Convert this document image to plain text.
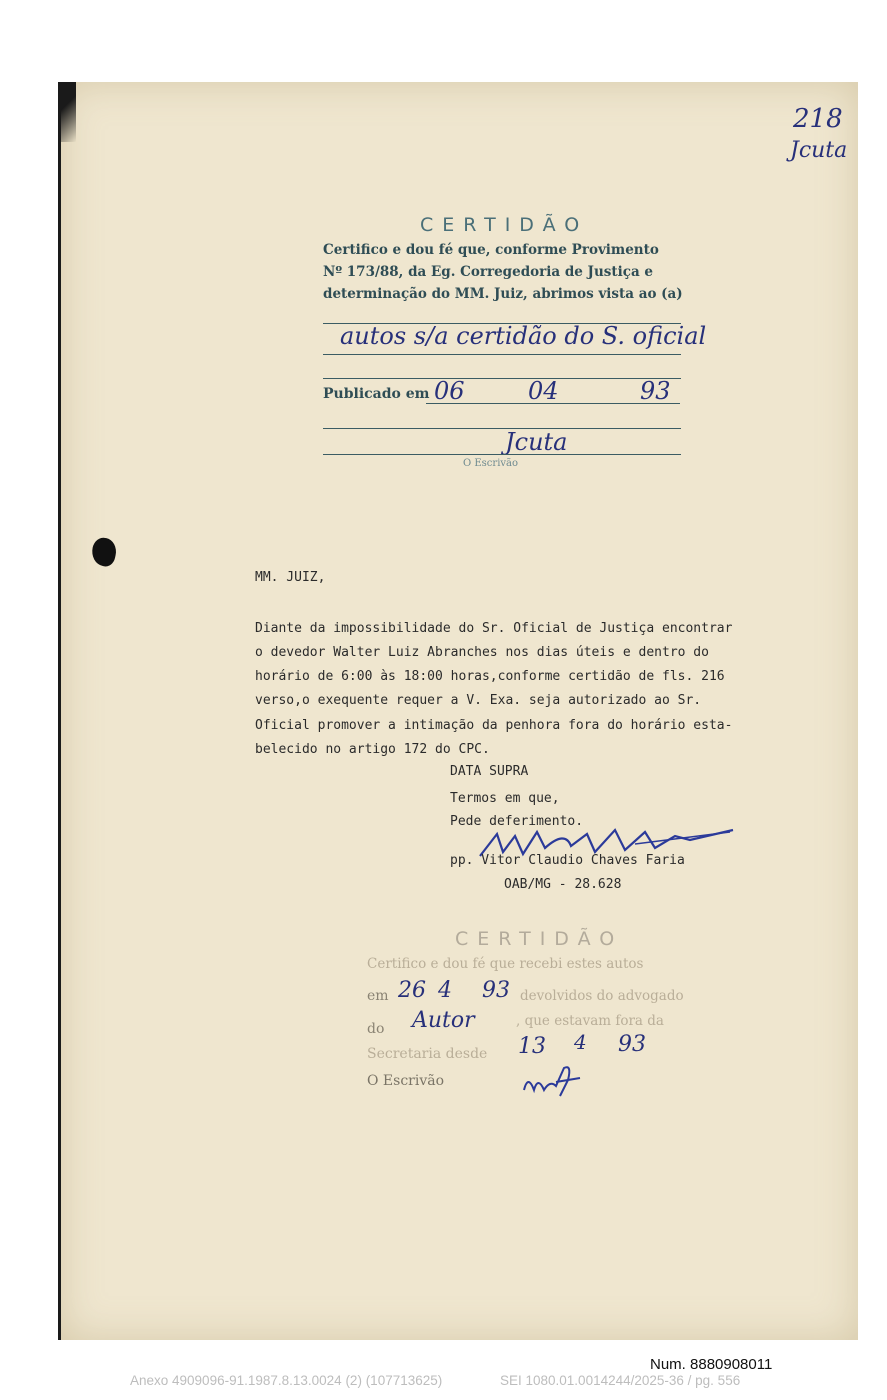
218
Jcuta
CERTIDÃO
Certifico e dou fé que, conforme Provimento
Nº 173/88, da Eg. Corregedoria de Justiça e
determinação do MM. Juiz, abrimos vista ao (a)
autos s/a certidão do S. oficial
Publicado em 06	04	93
Jcuta
O Escrivão
MM. JUIZ,
Diante da impossibilidade do Sr. Oficial de Justiça encontrar
o devedor Walter Luiz Abranches nos dias úteis e dentro do
horário de 6:00 às 18:00 horas,conforme certidão de fls. 216
verso,o exequente requer a V. Exa. seja autorizado ao Sr.
Oficial promover a intimação da penhora fora do horário esta-
belecido no artigo 172 do CPC.
DATA SUPRA
Termos em que,
Pede deferimento.
pp. Vitor Claudio Chaves Faria
OAB/MG - 28.628
CERTIDÃO
Certifico e dou fé que recebi estes autos
em 26 4 93 devolvidos do advogado
do Autor	, que estavam fora da
Secretaria desde 13 4 93
O Escrivão
Num. 8880908011
Anexo 4909096-91.1987.8.13.0024 (2) (107713625)	SEI 1080.01.0014244/2025-36 / pg. 556
